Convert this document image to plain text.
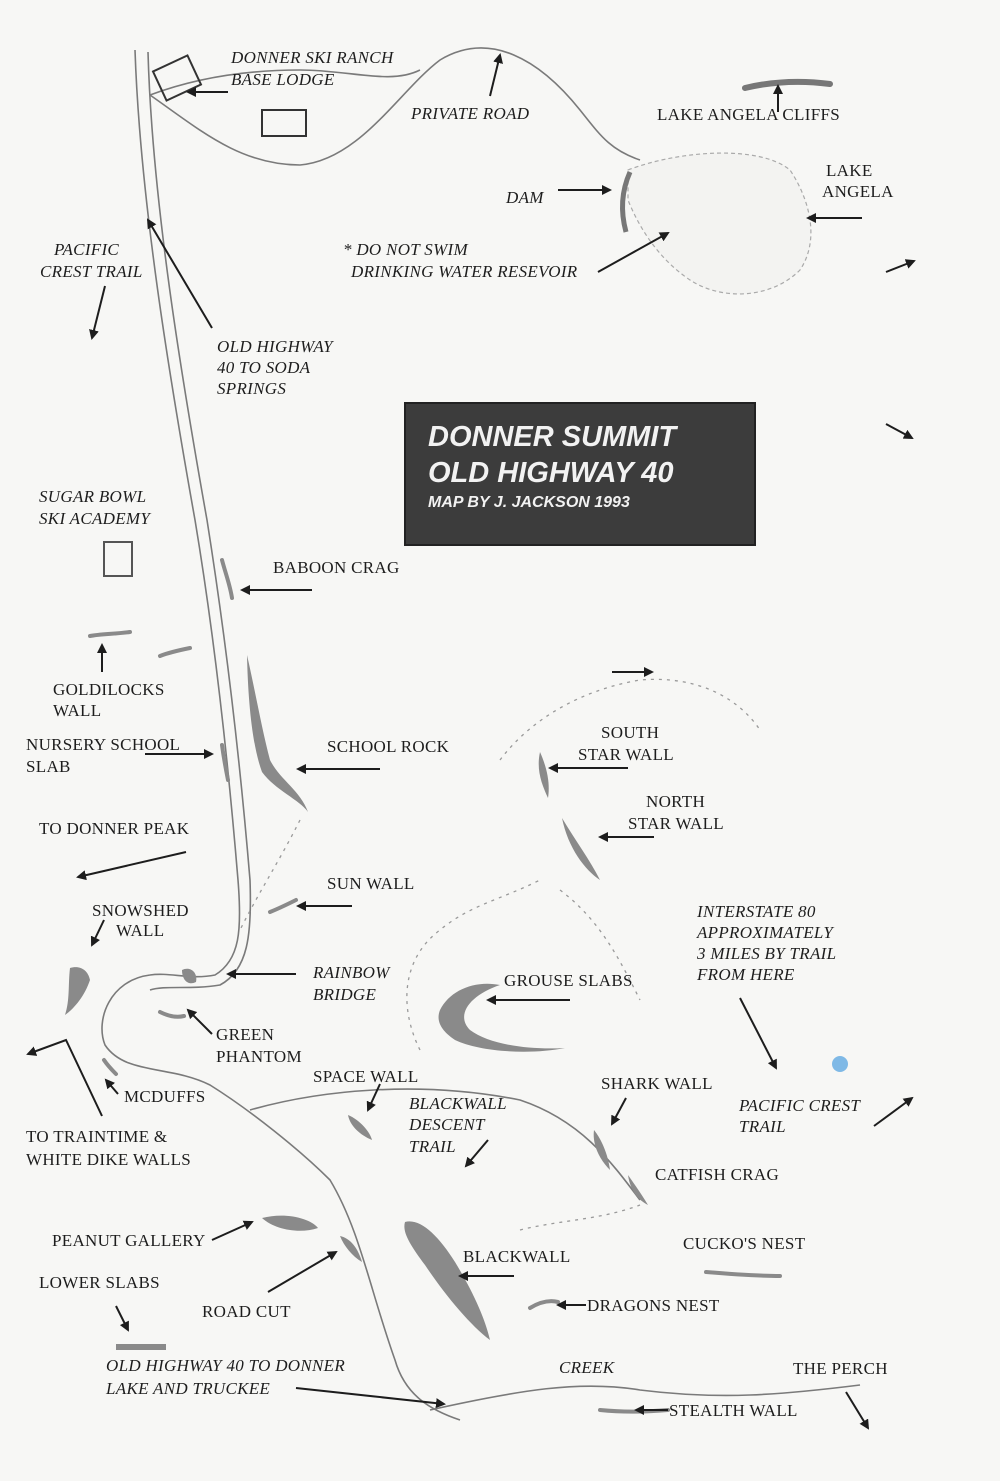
DONNER SUMMIT
OLD HIGHWAY 40
MAP BY J. JACKSON 1993
DONNER SKI RANCH
BASE LODGE
PRIVATE ROAD	LAKE ANGELA CLIFFS
LAKE
ANGELA
DAM
* DO NOT SWIM
DRINKING WATER RESEVOIR
PACIFIC
CREST TRAIL
OLD HIGHWAY
40 TO SODA
SPRINGS
SUGAR BOWL
SKI ACADEMY
BABOON CRAG
GOLDILOCKS
WALL
NURSERY SCHOOL
SLAB
SCHOOL ROCK
SOUTH
STAR WALL
NORTH
STAR WALL
TO DONNER PEAK
SUN WALL
SNOWSHED
WALL
INTERSTATE 80
APPROXIMATELY
3 MILES BY TRAIL
FROM HERE
RAINBOW
BRIDGE
GROUSE SLABS
GREEN
PHANTOM
SPACE WALL
MCDUFFS	BLACKWALL
DESCENT
TRAIL
SHARK WALL
PACIFIC CREST
TRAIL
TO TRAINTIME &
WHITE DIKE WALLS
CATFISH CRAG
PEANUT GALLERY	CUCKO'S NEST
BLACKWALL
LOWER SLABS
ROAD CUT	DRAGONS NEST
OLD HIGHWAY 40 TO DONNER
LAKE AND TRUCKEE
CREEK	THE PERCH
STEALTH WALL
